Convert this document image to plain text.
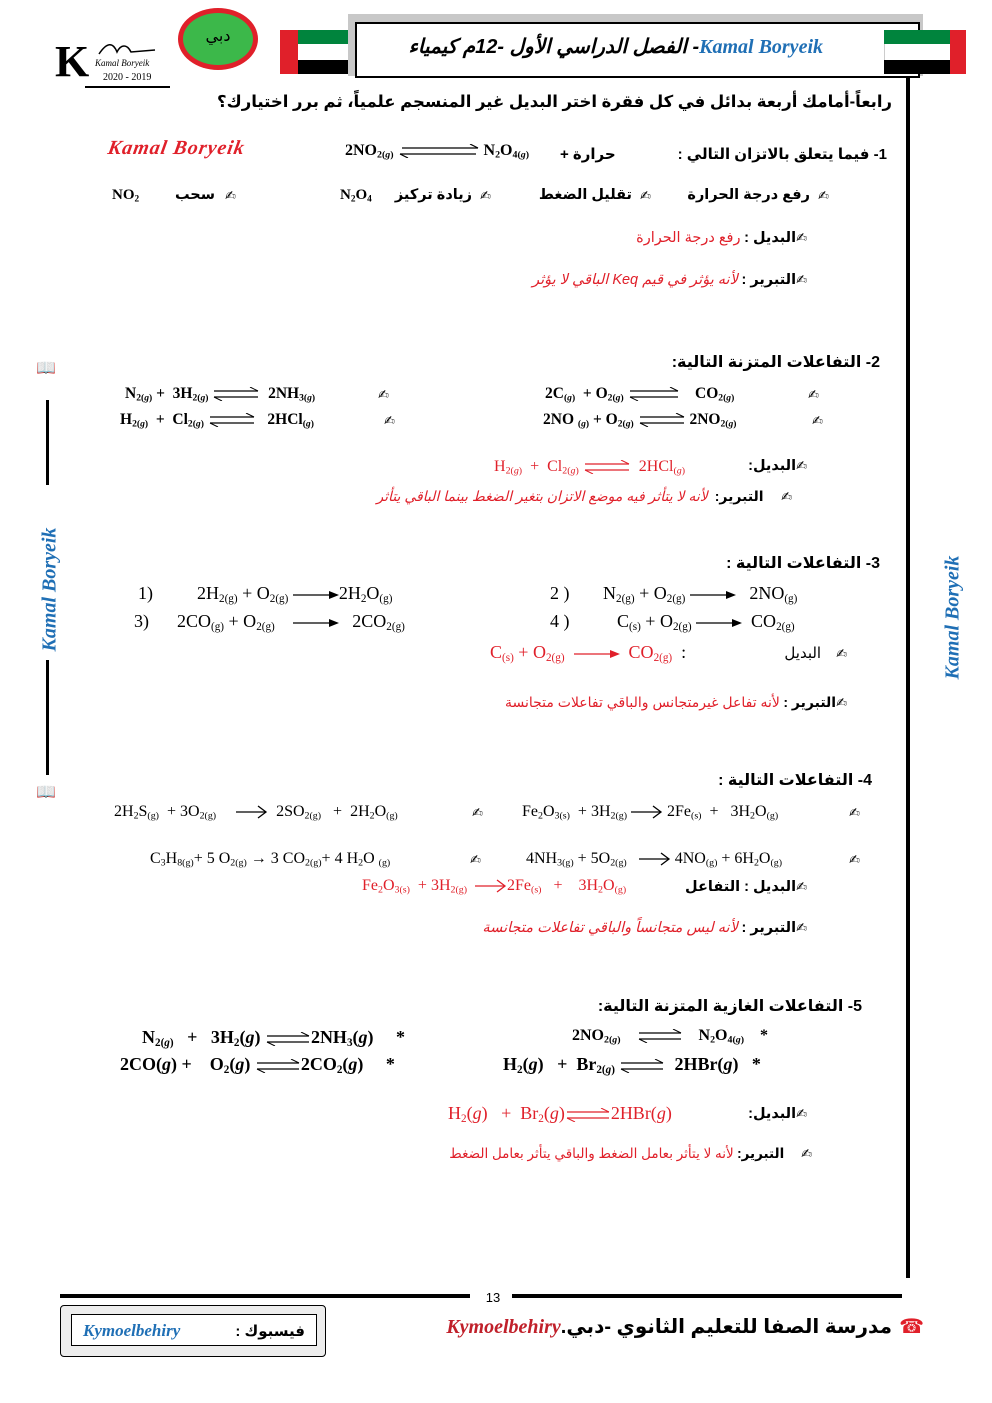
K Kamal Boryeik
2020 - 2019
دبي	Kamal Boryeik- الفصل الدراسي الأول -12م كيمياء
رابعاً-أمامك أربعة بدائل في كل فقرة اختر البديل غير المنسجم علمياً، ثم برر اختيارك؟
📖
Kamal Boryeik
📖
Kamal Boryeik
Kamal Boryeik	1- فيما يتعلق بالاتزان التالي :
$2NO_{2(g)}$	$N_2O_{4(g)}$ حرارة +
✍
رفع درجة الحرارة
✍
تقليل الضغط
✍
زيادة تركيز
$N_2O_4$
✍
سحب
$NO_2$
✍البديل : رفع درجة الحرارة
✍التبرير : لأنه يؤثر في قيم Keq الباقي لا يؤثر
2- التفاعلات المتزنة التالية:
$N_{2(g)} + 3H_{2(g)}$	$2NH_{3(g)}$	✍	$2C_{(g)} + O_{2(g)}$	$CO_{2(g)}$	✍
$H_{2(g)} + Cl_{2(g)}$	2HCl$_{(g)}$	✍	2NO $_{(g)} + O_{2(g)}$	$2NO_{2(g)}$	✍
✍البديل:
$H_{2(g)} + Cl_{2(g)}$	2HCl$_{(g)}$
✍     التبرير:  لأنه لا يتأثر فيه موضع الاتزان بتغير الضغط بينما الباقي يتأثر
3- التفاعلات التالية :
1) $2H_{2(g)} + O_{2(g)}$	$2H_2O_{(g)}$	2 ) $N_{2(g)} + O_{2(g)}$	$2NO_{(g)}$
3) $2CO_{(g)} + O_{2(g)}$	$2CO_{2(g)}$	4 )	$C_{(s)} + O_{2(g)}$	$CO_{2(g)}$
$C_{(s)} + O_{2(g)}$	$CO_{2(g)}$  :	✍    البديل
✍التبرير : لأنه تفاعل غيرمتجانس والباقي تفاعلات متجانسة
4- التفاعلات التالية :
$2H_2S_{(g)} + 3O_{2(g)}$	$2SO_{2(g)} + 2H_2O_{(g)}$	✍ $Fe_2O_{3(s)} + 3H_{2(g)}$  $2Fe_{(s)} + 3H_2O_{(g)}$	✍
$C_3H_{8(g)}+ 5$ $O_{2(g)} \to 3$ $CO_{2(g)}+ 4$ $H_2O$ $_{(g)}$	✍	$4NH_{3(g)} + 5O_{2(g)}$	$4NO_{(g)} + 6H_2O_{(g)}$	✍
$Fe_2O_{3(s)} + 3H_{2(g)}$	$2Fe_{(s)}$   +    $3H_2O_{(g)}$	✍البديل : التفاعل
✍التبرير : لأنه ليس متجانساً والباقي تفاعلات متجانسة
5- التفاعلات الغازية المتزنة التالية:
$N_{2(g)} + 3H_2(g)$	$2NH_3(g)$     *	$2NO_{2(g)}$	$N_2O_{4(g)}$    *
2CO(g) +    $O_2(g)$	$2CO_2(g)$     *	$H_2(g) + Br_{2(g)}$	2HBr(g)   *
$H_2(g) + Br_2(g)$	2HBr(g)	✍البديل:
✍     التبرير: لأنه لا يتأثر بعامل الضغط والباقي يتأثر بعامل الضغط
13
Kymoelbehiry	فيسبوك :	☎
مدرسة الصفا للتعليم الثانوي -دبي.Kymoelbehiry
